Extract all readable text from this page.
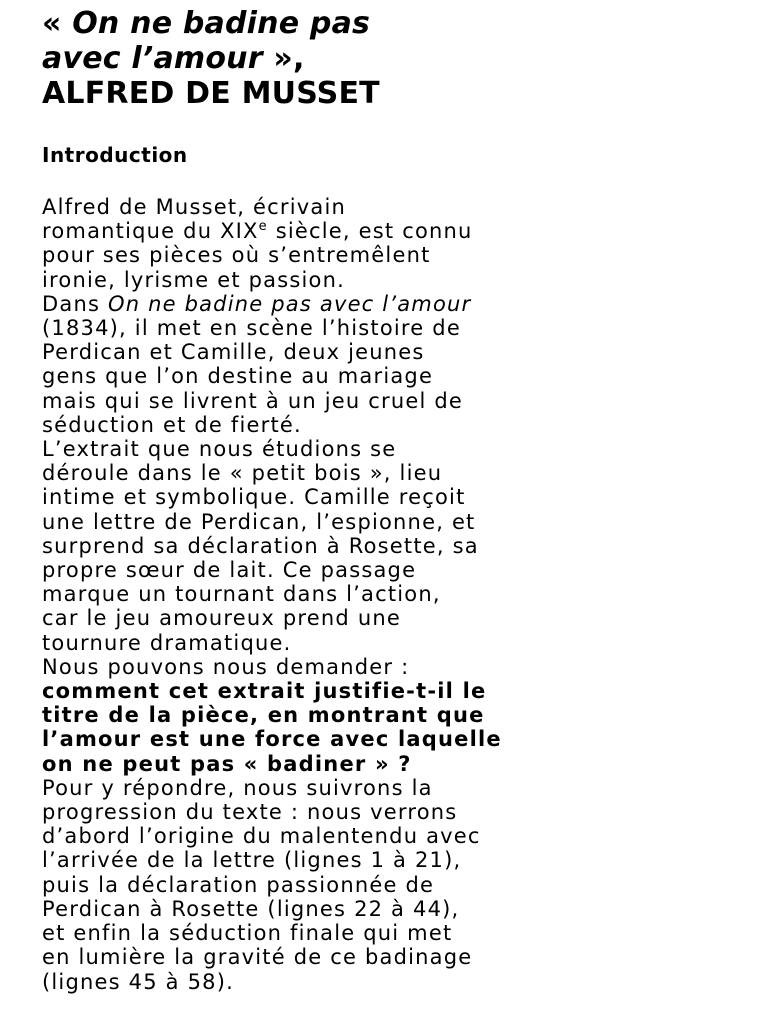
« On ne badine pas
avec l’amour »,
ALFRED DE MUSSET
Introduction
Alfred de Musset, écrivain
romantique du XIXe siècle, est connu
pour ses pièces où s’entremêlent
ironie, lyrisme et passion.
Dans On ne badine pas avec l’amour
(1834), il met en scène l’histoire de
Perdican et Camille, deux jeunes
gens que l’on destine au mariage
mais qui se livrent à un jeu cruel de
séduction et de fierté.
L’extrait que nous étudions se
déroule dans le « petit bois », lieu
intime et symbolique. Camille reçoit
une lettre de Perdican, l’espionne, et
surprend sa déclaration à Rosette, sa
propre sœur de lait. Ce passage
marque un tournant dans l’action,
car le jeu amoureux prend une
tournure dramatique.
Nous pouvons nous demander :
comment cet extrait justifie-t-il le
titre de la pièce, en montrant que
l’amour est une force avec laquelle
on ne peut pas « badiner » ?
Pour y répondre, nous suivrons la
progression du texte : nous verrons
d’abord l’origine du malentendu avec
l’arrivée de la lettre (lignes 1 à 21),
puis la déclaration passionnée de
Perdican à Rosette (lignes 22 à 44),
et enfin la séduction finale qui met
en lumière la gravité de ce badinage
(lignes 45 à 58).
